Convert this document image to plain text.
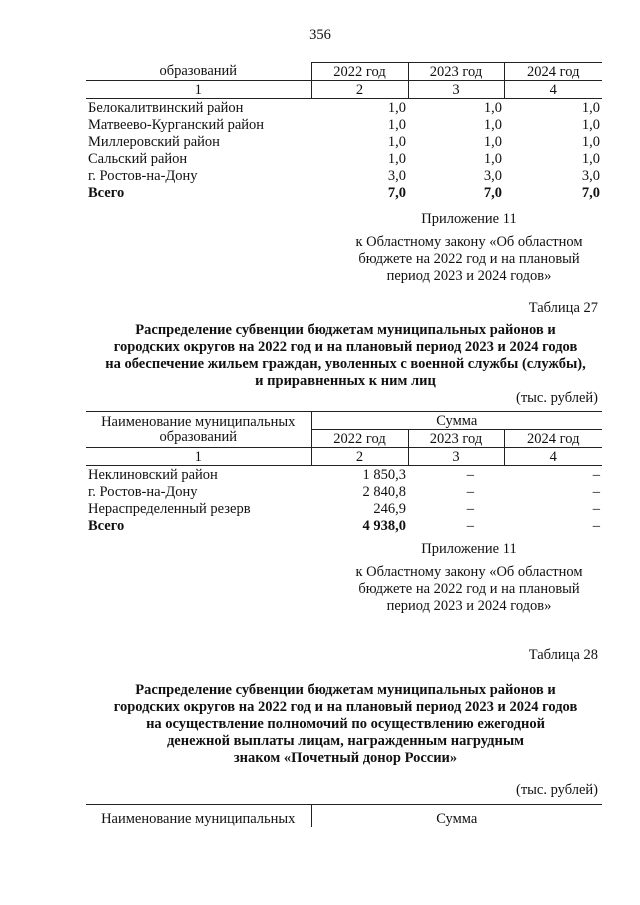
356
образований	2022 год	2023 год	2024 год
1	2	3	4
Белокалитвинский район	1,0	1,0	1,0
Матвеево-Курганский район	1,0	1,0	1,0
Миллеровский район	1,0	1,0	1,0
Сальский район	1,0	1,0	1,0
г. Ростов-на-Дону	3,0	3,0	3,0
Всего	7,0	7,0	7,0
Приложение 11
к Областному закону «Об областном
бюджете на 2022 год и на плановый
период 2023 и 2024 годов»
Таблица 27
Распределение субвенции бюджетам муниципальных районов и
городских округов на 2022 год и на плановый период 2023 и 2024 годов
на обеспечение жильем граждан, уволенных с военной службы (службы),
и приравненных к ним лиц
(тыс. рублей)
Наименование муниципальных
образований	Сумма		
	2022 год	2023 год	2024 год
1	2	3	4
Неклиновский район	1 850,3	–	–
г. Ростов-на-Дону	2 840,8	–	–
Нераспределенный резерв	246,9	–	–
Всего	4 938,0	–	–
Приложение 11
к Областному закону «Об областном
бюджете на 2022 год и на плановый
период 2023 и 2024 годов»
Таблица 28
Распределение субвенции бюджетам муниципальных районов и
городских округов на 2022 год и на плановый период 2023 и 2024 годов
на осуществление полномочий по осуществлению ежегодной
денежной выплаты лицам, награжденным нагрудным
знаком «Почетный донор России»
(тыс. рублей)
Наименование муниципальных	Сумма
